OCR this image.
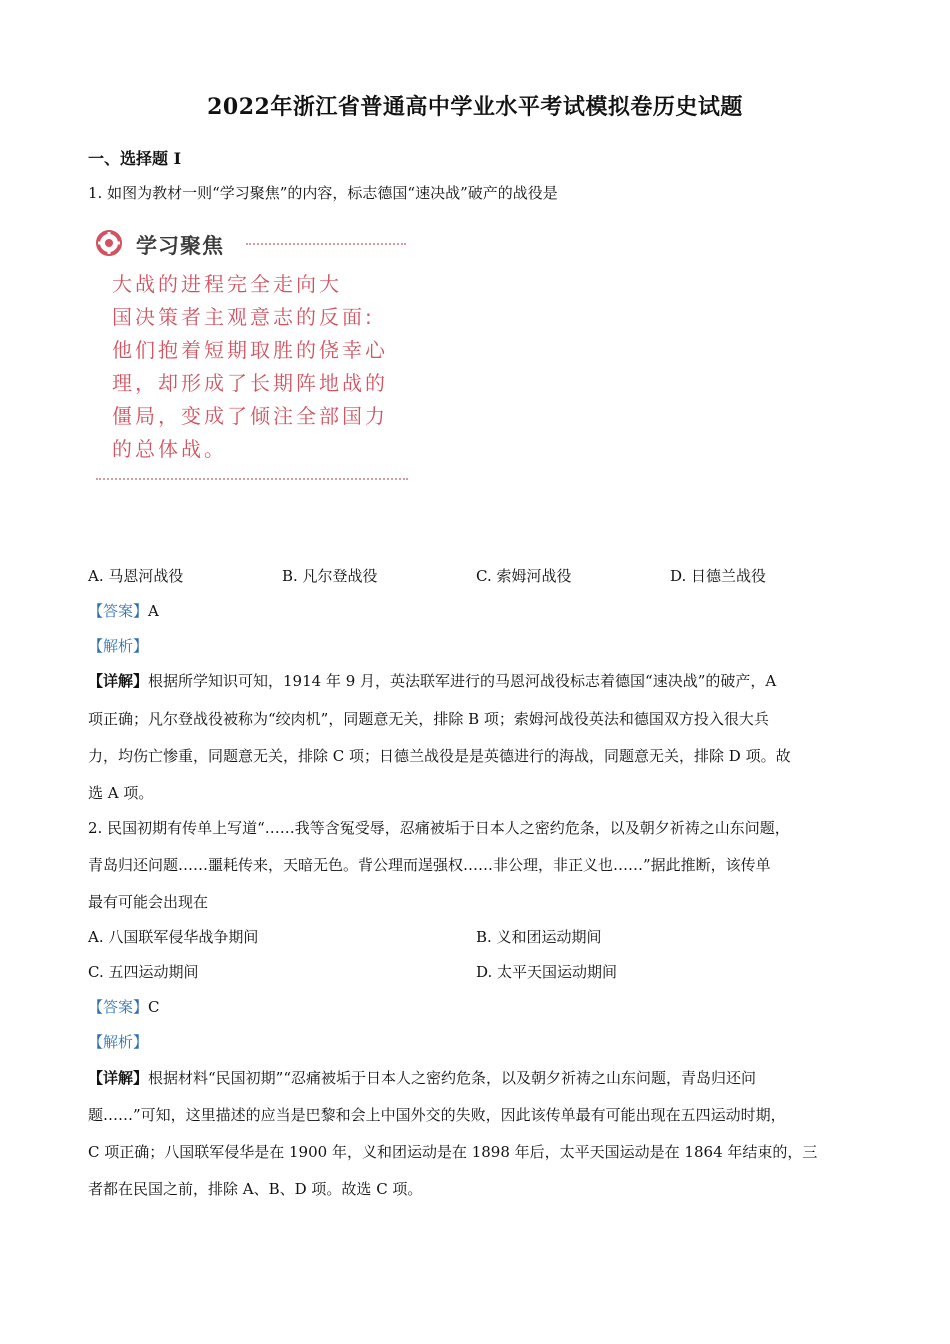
2022年浙江省普通高中学业水平考试模拟卷历史试题
一、选择题 I
1. 如图为教材一则“学习聚焦”的内容，标志德国“速决战”破产的战役是
学习聚焦
大战的进程完全走向大
国决策者主观意志的反面:
他们抱着短期取胜的侥幸心
理，却形成了长期阵地战的
僵局，变成了倾注全部国力
的总体战。
A. 马恩河战役	B. 凡尔登战役	C. 索姆河战役	D. 日德兰战役
【答案】A
【解析】
【详解】根据所学知识可知，1914 年 9 月，英法联军进行的马恩河战役标志着德国“速决战”的破产，A
项正确；凡尔登战役被称为“绞肉机”，同题意无关，排除 B 项；索姆河战役英法和德国双方投入很大兵
力，均伤亡惨重，同题意无关，排除 C 项；日德兰战役是是英德进行的海战，同题意无关，排除 D 项。故
选 A 项。
2. 民国初期有传单上写道“……我等含冤受辱，忍痛被垢于日本人之密约危条，以及朝夕祈祷之山东问题，
青岛归还问题……噩耗传来，天暗无色。背公理而逞强权……非公理，非正义也……”据此推断，该传单
最有可能会出现在
A. 八国联军侵华战争期间	B. 义和团运动期间
C. 五四运动期间	D. 太平天国运动期间
【答案】C
【解析】
【详解】根据材料“民国初期”“忍痛被垢于日本人之密约危条，以及朝夕祈祷之山东问题，青岛归还问
题……”可知，这里描述的应当是巴黎和会上中国外交的失败，因此该传单最有可能出现在五四运动时期，
C 项正确；八国联军侵华是在 1900 年，义和团运动是在 1898 年后，太平天国运动是在 1864 年结束的，三
者都在民国之前，排除 A、B、D 项。故选 C 项。
